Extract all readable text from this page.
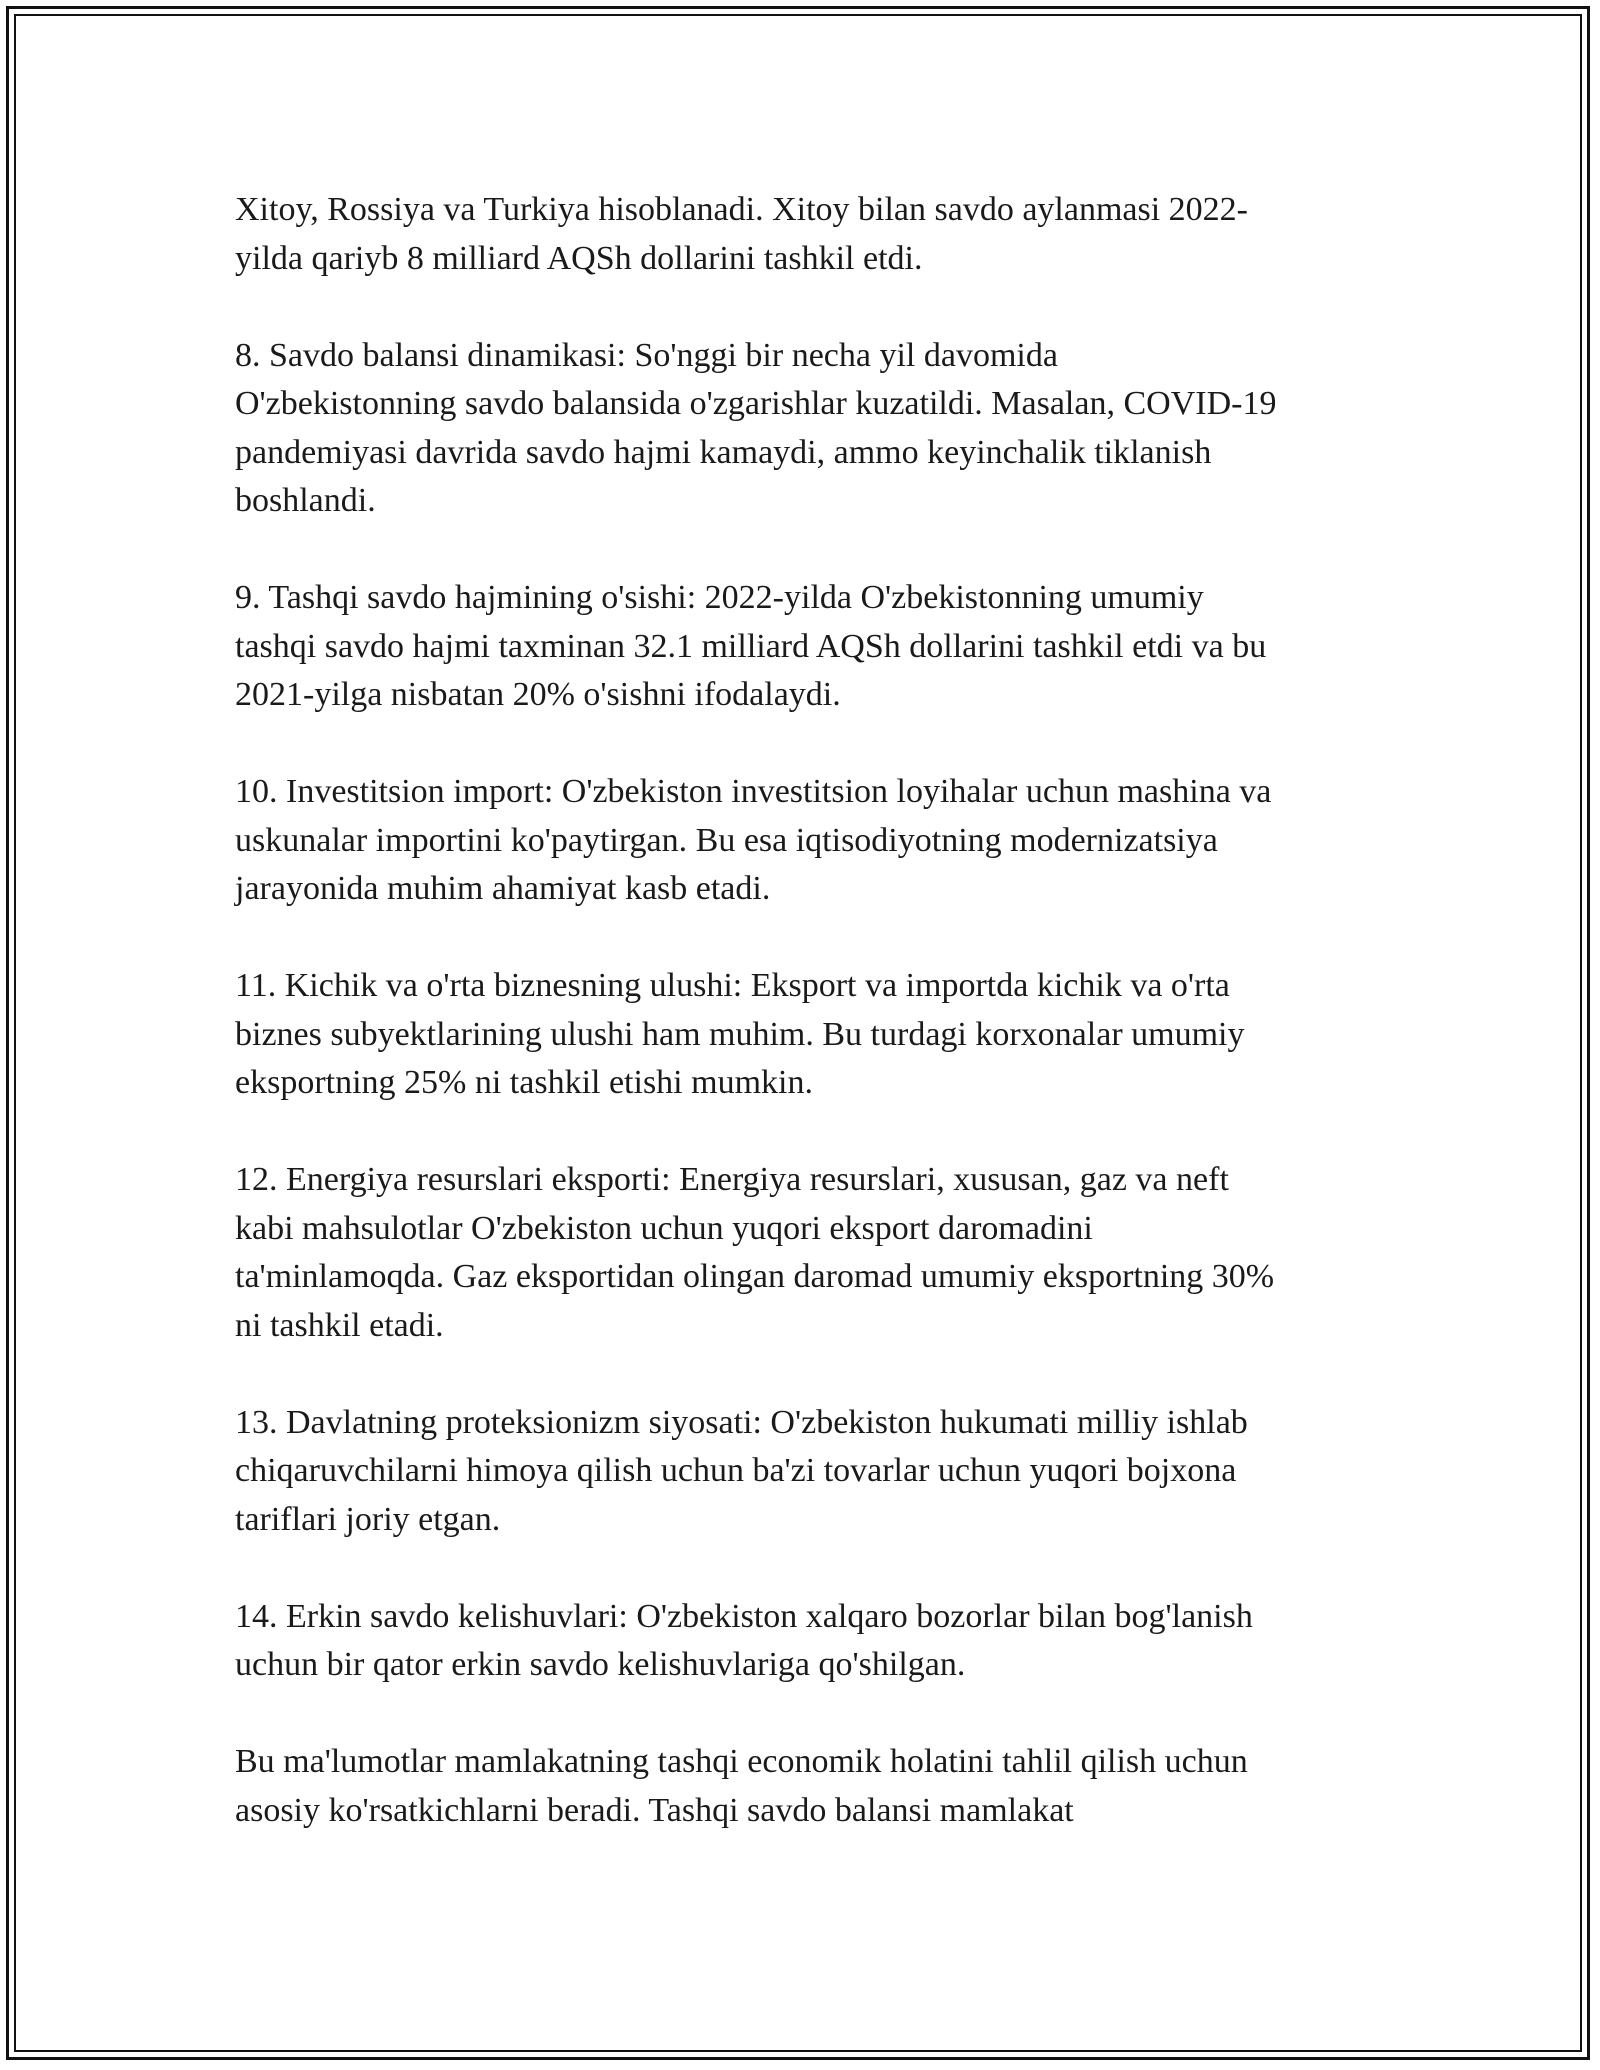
Xitoy, Rossiya va Turkiya hisoblanadi. Xitoy bilan savdo aylanmasi 2022-
yilda qariyb 8 milliard AQSh dollarini tashkil etdi.

8. Savdo balansi dinamikasi: So'nggi bir necha yil davomida
O'zbekistonning savdo balansida o'zgarishlar kuzatildi. Masalan, COVID-19
pandemiyasi davrida savdo hajmi kamaydi, ammo keyinchalik tiklanish
boshlandi.

9. Tashqi savdo hajmining o'sishi: 2022-yilda O'zbekistonning umumiy
tashqi savdo hajmi taxminan 32.1 milliard AQSh dollarini tashkil etdi va bu
2021-yilga nisbatan 20% o'sishni ifodalaydi.

10. Investitsion import: O'zbekiston investitsion loyihalar uchun mashina va
uskunalar importini ko'paytirgan. Bu esa iqtisodiyotning modernizatsiya
jarayonida muhim ahamiyat kasb etadi.

11. Kichik va o'rta biznesning ulushi: Eksport va importda kichik va o'rta
biznes subyektlarining ulushi ham muhim. Bu turdagi korxonalar umumiy
eksportning 25% ni tashkil etishi mumkin.

12. Energiya resurslari eksporti: Energiya resurslari, xususan, gaz va neft
kabi mahsulotlar O'zbekiston uchun yuqori eksport daromadini
ta'minlamoqda. Gaz eksportidan olingan daromad umumiy eksportning 30%
ni tashkil etadi.

13. Davlatning proteksionizm siyosati: O'zbekiston hukumati milliy ishlab
chiqaruvchilarni himoya qilish uchun ba'zi tovarlar uchun yuqori bojxona
tariflari joriy etgan.

14. Erkin savdo kelishuvlari: O'zbekiston xalqaro bozorlar bilan bog'lanish
uchun bir qator erkin savdo kelishuvlariga qo'shilgan.

Bu ma'lumotlar mamlakatning tashqi economik holatini tahlil qilish uchun
asosiy ko'rsatkichlarni beradi. Tashqi savdo balansi mamlakat
